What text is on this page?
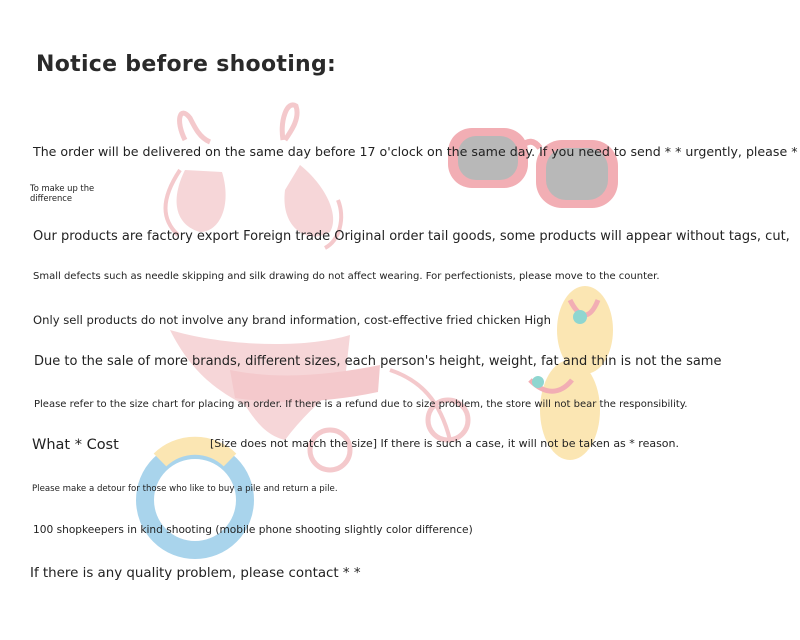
Notice before shooting:

The order will be delivered on the same day before 17 o'clock on the same day. If you need to send * * urgently, please *

To make up the difference

Our products are factory export Foreign trade Original order tail goods, some products will appear without tags, cut,

Small defects such as needle skipping and silk drawing do not affect wearing. For perfectionists, please move to the counter.

Only sell products do not involve any brand information, cost-effective fried chicken High

Due to the sale of more brands, different sizes, each person's height, weight, fat and thin is not the same

Please refer to the size chart for placing an order. If there is a refund due to size problem, the store will not bear the responsibility.

What * Cost	[Size does not match the size] If there is such a case, it will not be taken as * reason.

Please make a detour for those who like to buy a pile and return a pile.

100 shopkeepers in kind shooting (mobile phone shooting slightly color difference)

If there is any quality problem, please contact * *
